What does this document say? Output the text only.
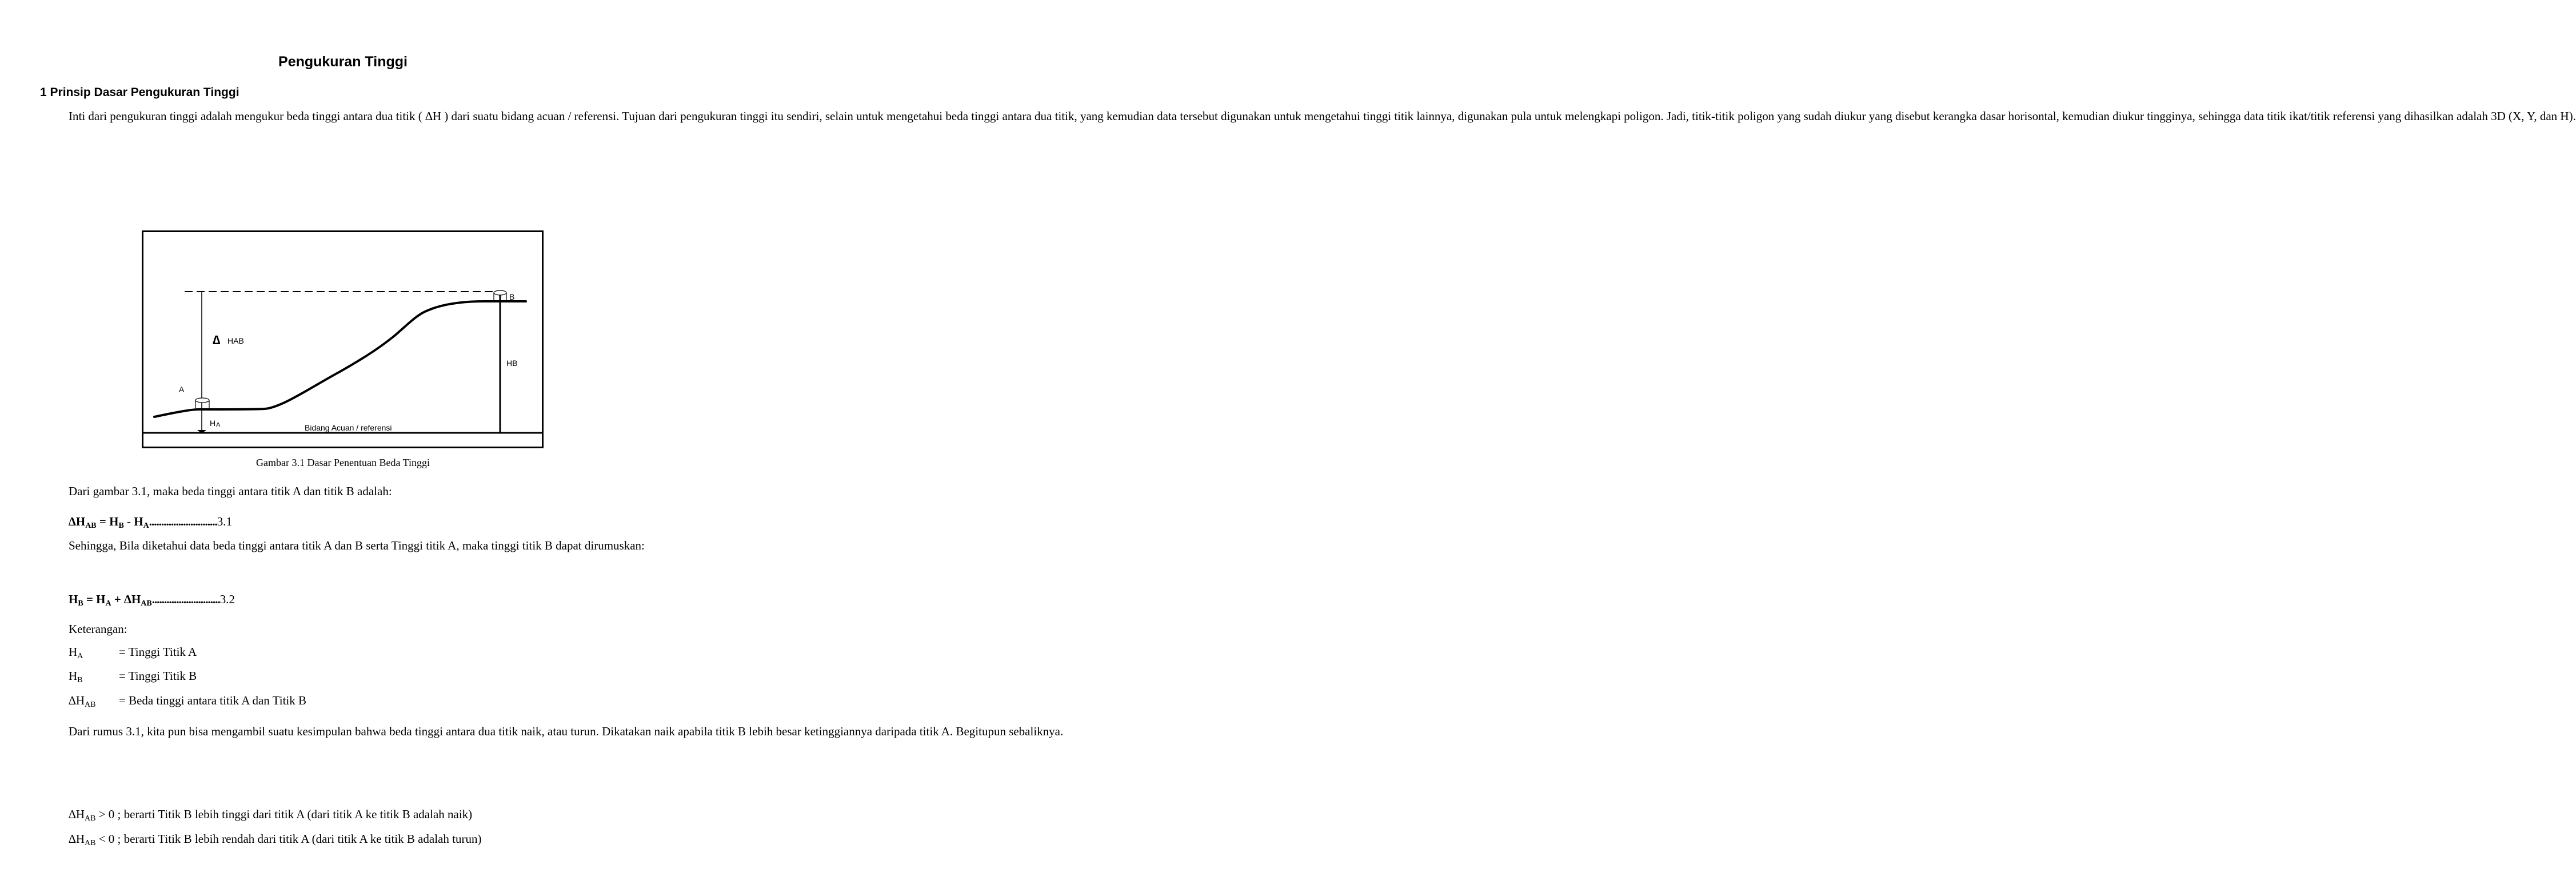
Pengukuran Tinggi
1 Prinsip Dasar Pengukuran Tinggi

Inti dari pengukuran tinggi adalah mengukur beda tinggi antara dua titik ( ∆H ) dari suatu bidang acuan / referensi. Tujuan dari pengukuran tinggi itu sendiri, selain untuk mengetahui beda tinggi antara dua titik, yang kemudian data tersebut digunakan untuk mengetahui tinggi titik lainnya, digunakan pula untuk melengkapi poligon. Jadi, titik-titik poligon yang sudah diukur yang disebut kerangka dasar horisontal, kemudian diukur tingginya, sehingga data titik ikat/titik referensi yang dihasilkan adalah 3D (X, Y, dan H).

∆ HAB
A
H A
B
HB
Bidang Acuan / referensi
Gambar 3.1 Dasar Penentuan Beda Tinggi
Dari gambar 3.1, maka beda tinggi antara titik A dan titik B adalah:
$\Delta H_{AB} = H_B - H_A............................3.1$

Sehingga, Bila diketahui data beda tinggi antara titik A dan B serta Tinggi titik A, maka tinggi titik B dapat dirumuskan:

$H_B = H_A + \Delta H_{AB}............................3.2$
Keterangan:
$H_A$	= Tinggi Titik A
$H_B$	= Tinggi Titik B
$\Delta H_{AB}$ = Beda tinggi antara titik A dan Titik B

Dari rumus 3.1, kita pun bisa mengambil suatu kesimpulan bahwa beda tinggi antara dua titik naik, atau turun. Dikatakan naik apabila titik B lebih besar ketinggiannya daripada titik A. Begitupun sebaliknya.

$\Delta H_{AB} > 0$ ; berarti Titik B lebih tinggi dari titik A (dari titik A ke titik B adalah naik)
$\Delta H_{AB} < 0$ ; berarti Titik B lebih rendah dari titik A (dari titik A ke titik B adalah turun)
